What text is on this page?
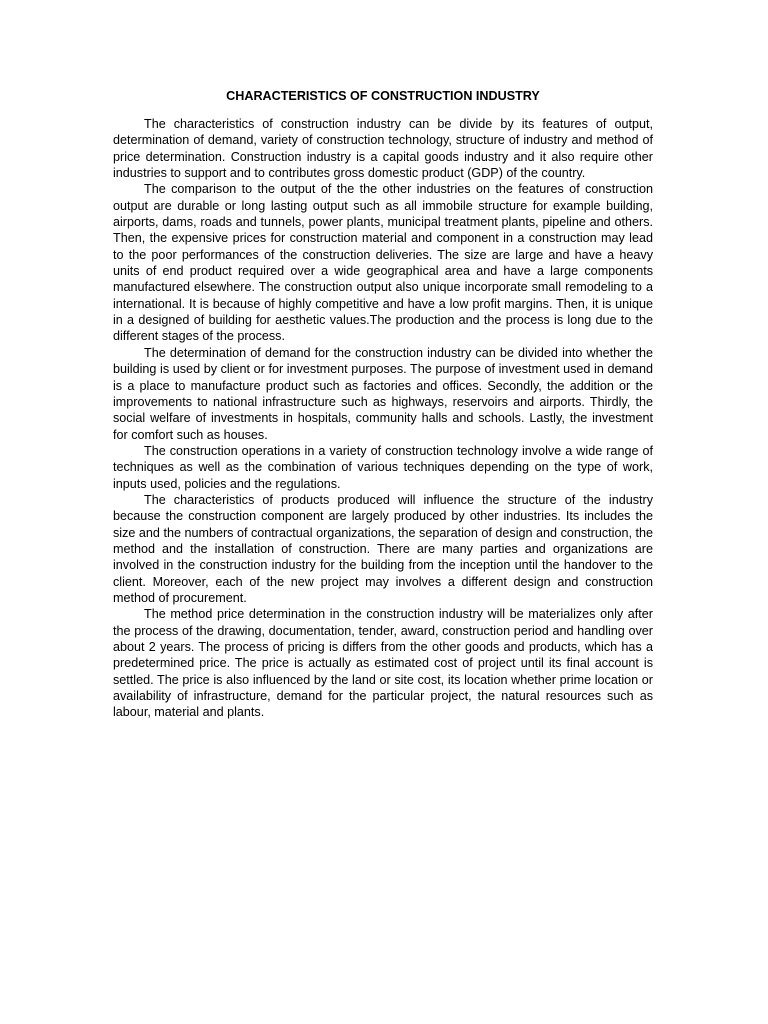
CHARACTERISTICS OF CONSTRUCTION INDUSTRY

The characteristics of construction industry can be divide by its features of output, determination of demand, variety of construction technology, structure of industry and method of price determination. Construction industry is a capital goods industry and it also require other industries to support and to contributes gross domestic product (GDP) of the country.

The comparison to the output of the the other industries on the features of construction output are durable or long lasting output such as all immobile structure for example building, airports, dams, roads and tunnels, power plants, municipal treatment plants, pipeline and others. Then, the expensive prices for construction material and component in a construction may lead to the poor performances of the construction deliveries. The size are large and have a heavy units of end product required over a wide geographical area and have a large components manufactured elsewhere. The construction output also unique incorporate small remodeling to a international. It is because of highly competitive and have a low profit margins. Then, it is unique in a designed of building for aesthetic values.The production and the process is long due to the different stages of the process.

The determination of demand for the construction industry can be divided into whether the building is used by client or for investment purposes. The purpose of investment used in demand is a place to manufacture product such as factories and offices. Secondly, the addition or the improvements to national infrastructure such as highways, reservoirs and airports. Thirdly, the social welfare of investments in hospitals, community halls and schools. Lastly, the investment for comfort such as houses.

The construction operations in a variety of construction technology involve a wide range of techniques as well as the combination of various techniques depending on the type of work, inputs used, policies and the regulations.

The characteristics of products produced will influence the structure of the industry because the construction component are largely produced by other industries. Its includes the size and the numbers of contractual organizations, the separation of design and construction, the method and the installation of construction. There are many parties and organizations are involved in the construction industry for the building from the inception until the handover to the client. Moreover, each of the new project may involves a different design and construction method of procurement.

The method price determination in the construction industry will be materializes only after the process of the drawing, documentation, tender, award, construction period and handling over about 2 years. The process of pricing is differs from the other goods and products, which has a predetermined price. The price is actually as estimated cost of project until its final account is settled. The price is also influenced by the land or site cost, its location whether prime location or availability of infrastructure, demand for the particular project, the natural resources such as labour, material and plants.
